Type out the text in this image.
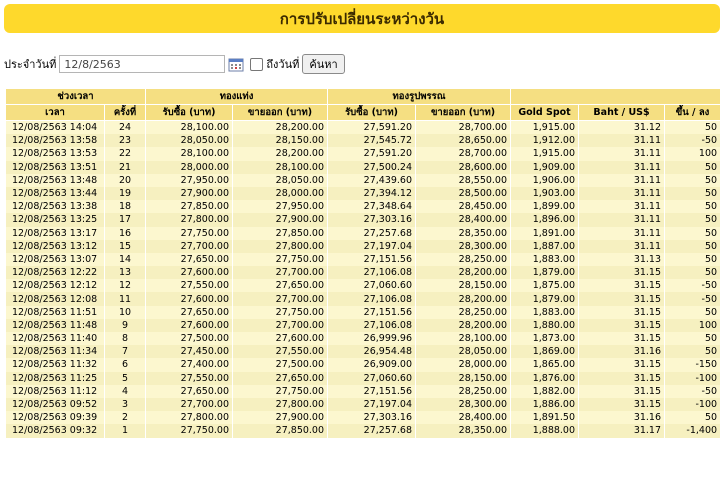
การปรับเปลี่ยนระหว่างวัน
ประจำวันที่
12/8/2563	ถึงวันที่ ค้นหา
ช่วงเวลา		ทองแท่ง		ทองรูปพรรณ				
เวลา	ครั้งที่	รับซื้อ (บาท)	ขายออก (บาท)	รับซื้อ (บาท)	ขายออก (บาท)	Gold Spot	Baht / US$	ขึ้น / ลง
12/08/2563 14:04	24	28,100.00	28,200.00	27,591.20	28,700.00	1,915.00	31.12	50
12/08/2563 13:58	23	28,050.00	28,150.00	27,545.72	28,650.00	1,912.00	31.11	-50
12/08/2563 13:53	22	28,100.00	28,200.00	27,591.20	28,700.00	1,915.00	31.11	100
12/08/2563 13:51	21	28,000.00	28,100.00	27,500.24	28,600.00	1,909.00	31.11	50
12/08/2563 13:48	20	27,950.00	28,050.00	27,439.60	28,550.00	1,906.00	31.11	50
12/08/2563 13:44	19	27,900.00	28,000.00	27,394.12	28,500.00	1,903.00	31.11	50
12/08/2563 13:38	18	27,850.00	27,950.00	27,348.64	28,450.00	1,899.00	31.11	50
12/08/2563 13:25	17	27,800.00	27,900.00	27,303.16	28,400.00	1,896.00	31.11	50
12/08/2563 13:17	16	27,750.00	27,850.00	27,257.68	28,350.00	1,891.00	31.11	50
12/08/2563 13:12	15	27,700.00	27,800.00	27,197.04	28,300.00	1,887.00	31.11	50
12/08/2563 13:07	14	27,650.00	27,750.00	27,151.56	28,250.00	1,883.00	31.13	50
12/08/2563 12:22	13	27,600.00	27,700.00	27,106.08	28,200.00	1,879.00	31.15	50
12/08/2563 12:12	12	27,550.00	27,650.00	27,060.60	28,150.00	1,875.00	31.15	-50
12/08/2563 12:08	11	27,600.00	27,700.00	27,106.08	28,200.00	1,879.00	31.15	-50
12/08/2563 11:51	10	27,650.00	27,750.00	27,151.56	28,250.00	1,883.00	31.15	50
12/08/2563 11:48	9	27,600.00	27,700.00	27,106.08	28,200.00	1,880.00	31.15	100
12/08/2563 11:40	8	27,500.00	27,600.00	26,999.96	28,100.00	1,873.00	31.15	50
12/08/2563 11:34	7	27,450.00	27,550.00	26,954.48	28,050.00	1,869.00	31.16	50
12/08/2563 11:32	6	27,400.00	27,500.00	26,909.00	28,000.00	1,865.00	31.15	-150
12/08/2563 11:25	5	27,550.00	27,650.00	27,060.60	28,150.00	1,876.00	31.15	-100
12/08/2563 11:12	4	27,650.00	27,750.00	27,151.56	28,250.00	1,882.00	31.15	-50
12/08/2563 09:52	3	27,700.00	27,800.00	27,197.04	28,300.00	1,886.00	31.15	-100
12/08/2563 09:39	2	27,800.00	27,900.00	27,303.16	28,400.00	1,891.50	31.16	50
12/08/2563 09:32	1	27,750.00	27,850.00	27,257.68	28,350.00	1,888.00	31.17	-1,400
